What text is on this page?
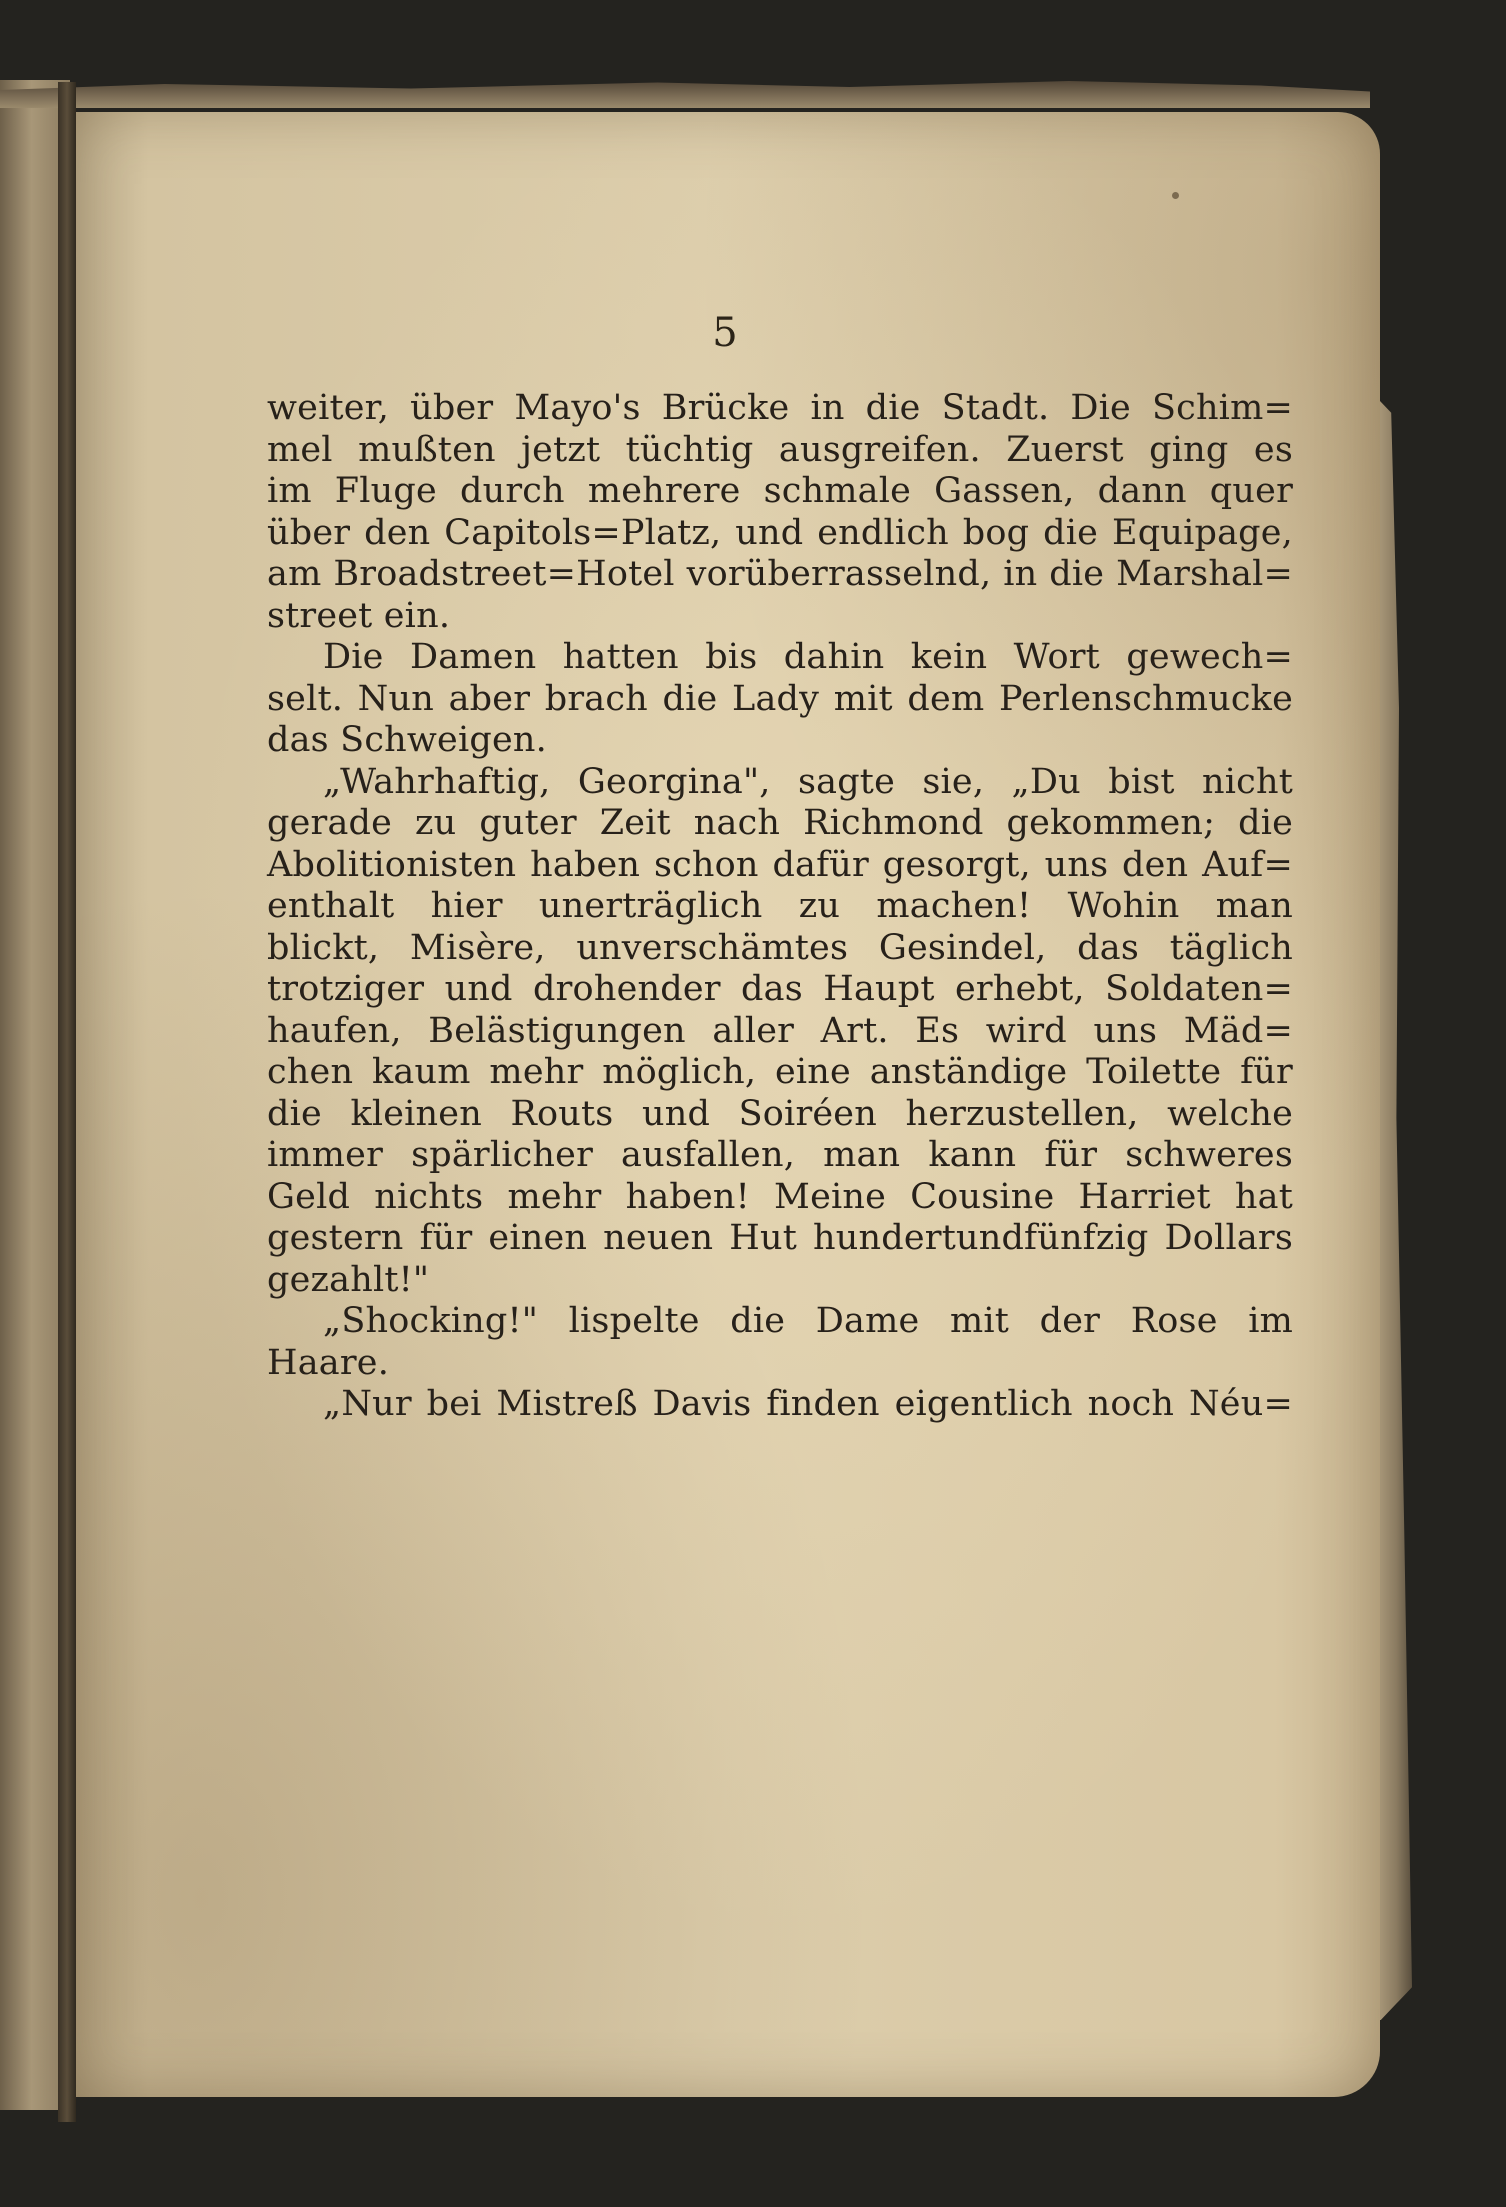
5

weiter, über Mayo's Brücke in die Stadt. Die Schim=
mel mußten jetzt tüchtig ausgreifen. Zuerst ging es
im Fluge durch mehrere schmale Gassen, dann quer
über den Capitols=Platz, und endlich bog die Equipage,
am Broadstreet=Hotel vorüberrasselnd, in die Marshal=
street ein.
Die Damen hatten bis dahin kein Wort gewech=
selt. Nun aber brach die Lady mit dem Perlenschmucke
das Schweigen.
„Wahrhaftig, Georgina", sagte sie, „Du bist nicht
gerade zu guter Zeit nach Richmond gekommen; die
Abolitionisten haben schon dafür gesorgt, uns den Auf=
enthalt hier unerträglich zu machen! Wohin man
blickt, Misère, unverschämtes Gesindel, das täglich
trotziger und drohender das Haupt erhebt, Soldaten=
haufen, Belästigungen aller Art. Es wird uns Mäd=
chen kaum mehr möglich, eine anständige Toilette für
die kleinen Routs und Soiréen herzustellen, welche
immer spärlicher ausfallen, man kann für schweres
Geld nichts mehr haben! Meine Cousine Harriet hat
gestern für einen neuen Hut hundertundfünfzig Dollars
gezahlt!"
„Shocking!" lispelte die Dame mit der Rose im
Haare.
„Nur bei Mistreß Davis finden eigentlich noch Néu=
